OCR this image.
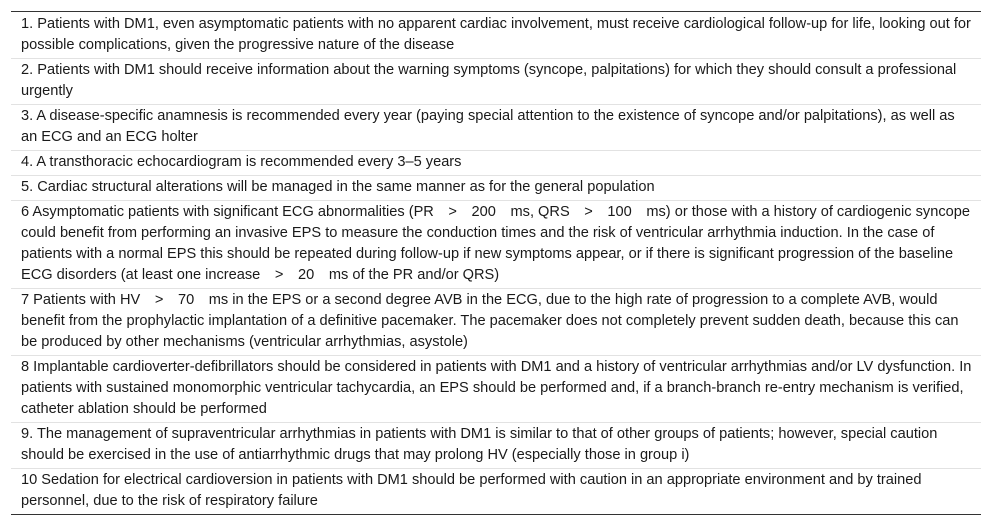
1. Patients with DM1, even asymptomatic patients with no apparent cardiac involvement, must receive cardiological follow-up for life, looking out for possible complications, given the progressive nature of the disease
2. Patients with DM1 should receive information about the warning symptoms (syncope, palpitations) for which they should consult a professional urgently
3. A disease-specific anamnesis is recommended every year (paying special attention to the existence of syncope and/or palpitations), as well as an ECG and an ECG holter
4. A transthoracic echocardiogram is recommended every 3–5 years
5. Cardiac structural alterations will be managed in the same manner as for the general population
6 Asymptomatic patients with significant ECG abnormalities (PR > 200 ms, QRS > 100 ms) or those with a history of cardiogenic syncope could benefit from performing an invasive EPS to measure the conduction times and the risk of ventricular arrhythmia induction. In the case of patients with a normal EPS this should be repeated during follow-up if new symptoms appear, or if there is significant progression of the baseline ECG disorders (at least one increase > 20 ms of the PR and/or QRS)
7 Patients with HV > 70 ms in the EPS or a second degree AVB in the ECG, due to the high rate of progression to a complete AVB, would benefit from the prophylactic implantation of a definitive pacemaker. The pacemaker does not completely prevent sudden death, because this can be produced by other mechanisms (ventricular arrhythmias, asystole)
8 Implantable cardioverter-defibrillators should be considered in patients with DM1 and a history of ventricular arrhythmias and/or LV dysfunction. In patients with sustained monomorphic ventricular tachycardia, an EPS should be performed and, if a branch-branch re-entry mechanism is verified, catheter ablation should be performed
9. The management of supraventricular arrhythmias in patients with DM1 is similar to that of other groups of patients; however, special caution should be exercised in the use of antiarrhythmic drugs that may prolong HV (especially those in group i)
10 Sedation for electrical cardioversion in patients with DM1 should be performed with caution in an appropriate environment and by trained personnel, due to the risk of respiratory failure
